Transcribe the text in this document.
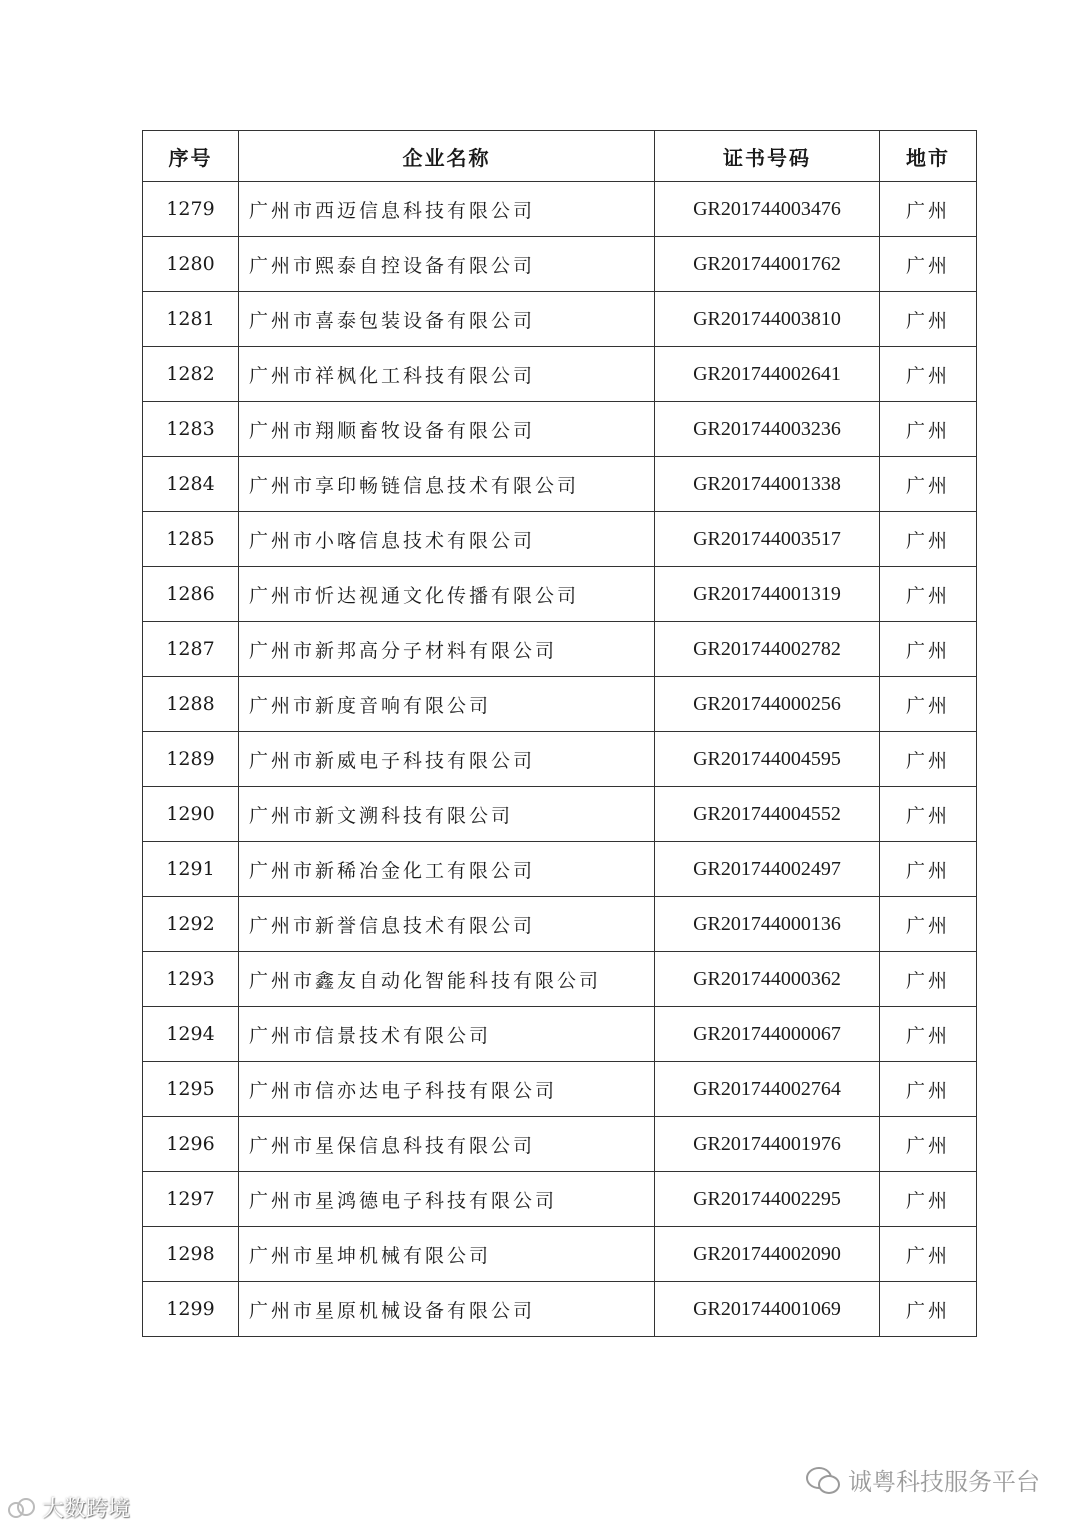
序号	企业名称	证书号码	地市
1279	广州市西迈信息科技有限公司	GR201744003476	广州
1280	广州市熙泰自控设备有限公司	GR201744001762	广州
1281	广州市喜泰包装设备有限公司	GR201744003810	广州
1282	广州市祥枫化工科技有限公司	GR201744002641	广州
1283	广州市翔顺畜牧设备有限公司	GR201744003236	广州
1284	广州市享印畅链信息技术有限公司	GR201744001338	广州
1285	广州市小喀信息技术有限公司	GR201744003517	广州
1286	广州市忻达视通文化传播有限公司	GR201744001319	广州
1287	广州市新邦高分子材料有限公司	GR201744002782	广州
1288	广州市新度音响有限公司	GR201744000256	广州
1289	广州市新威电子科技有限公司	GR201744004595	广州
1290	广州市新文溯科技有限公司	GR201744004552	广州
1291	广州市新稀冶金化工有限公司	GR201744002497	广州
1292	广州市新誉信息技术有限公司	GR201744000136	广州
1293	广州市鑫友自动化智能科技有限公司	GR201744000362	广州
1294	广州市信景技术有限公司	GR201744000067	广州
1295	广州市信亦达电子科技有限公司	GR201744002764	广州
1296	广州市星保信息科技有限公司	GR201744001976	广州
1297	广州市星鸿德电子科技有限公司	GR201744002295	广州
1298	广州市星坤机械有限公司	GR201744002090	广州
1299	广州市星原机械设备有限公司	GR201744001069	广州
诚粤科技服务平台
大数跨境
